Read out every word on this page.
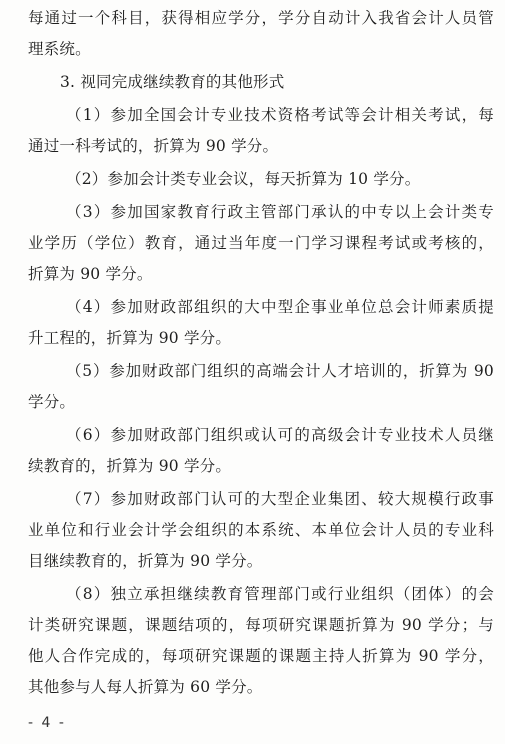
- 4 -
每通过一个科目，获得相应学分，学分自动计入我省会计人员管
理系统。
3. 视同完成继续教育的其他形式
（1）参加全国会计专业技术资格考试等会计相关考试，每
通过一科考试的，折算为 90 学分。
（2）参加会计类专业会议，每天折算为 10 学分。
（3）参加国家教育行政主管部门承认的中专以上会计类专
业学历（学位）教育，通过当年度一门学习课程考试或考核的，
折算为 90 学分。
（4）参加财政部组织的大中型企事业单位总会计师素质提
升工程的，折算为 90 学分。
（5）参加财政部门组织的高端会计人才培训的，折算为 90
学分。
（6）参加财政部门组织或认可的高级会计专业技术人员继
续教育的，折算为 90 学分。
（7）参加财政部门认可的大型企业集团、较大规模行政事
业单位和行业会计学会组织的本系统、本单位会计人员的专业科
目继续教育的，折算为 90 学分。
（8）独立承担继续教育管理部门或行业组织（团体）的会
计类研究课题，课题结项的，每项研究课题折算为 90 学分；与
他人合作完成的，每项研究课题的课题主持人折算为 90 学分，
其他参与人每人折算为 60 学分。
